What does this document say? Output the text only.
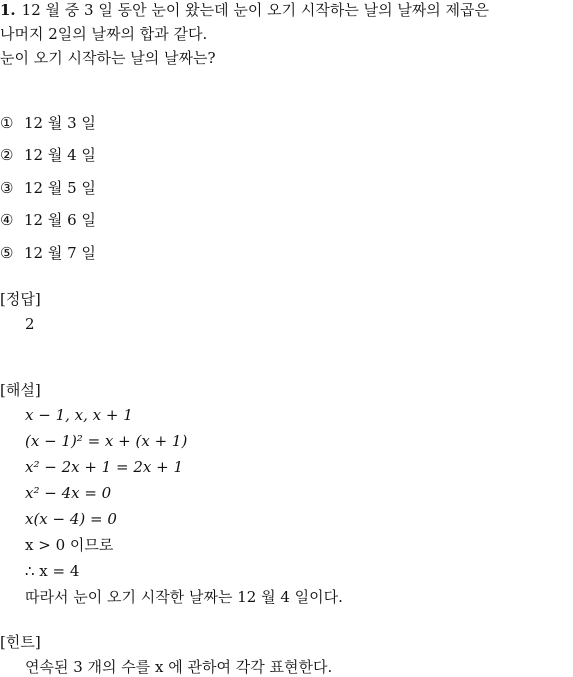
1. 12 월 중 3 일 동안 눈이 왔는데 눈이 오기 시작하는 날의 날짜의 제곱은
나머지 2일의 날짜의 합과 같다.
눈이 오기 시작하는 날의 날짜는?
① 12 월 3 일
② 12 월 4 일
③ 12 월 5 일
④ 12 월 6 일
⑤ 12 월 7 일
[정답]
2
[해설]
x − 1, x, x + 1
(x − 1)² = x + (x + 1)
x² − 2x + 1 = 2x + 1
x² − 4x = 0
x(x − 4) = 0
x > 0 이므로
∴ x = 4
따라서 눈이 오기 시작한 날짜는 12 월 4 일이다.
[힌트]
연속된 3 개의 수를 x 에 관하여 각각 표현한다.
